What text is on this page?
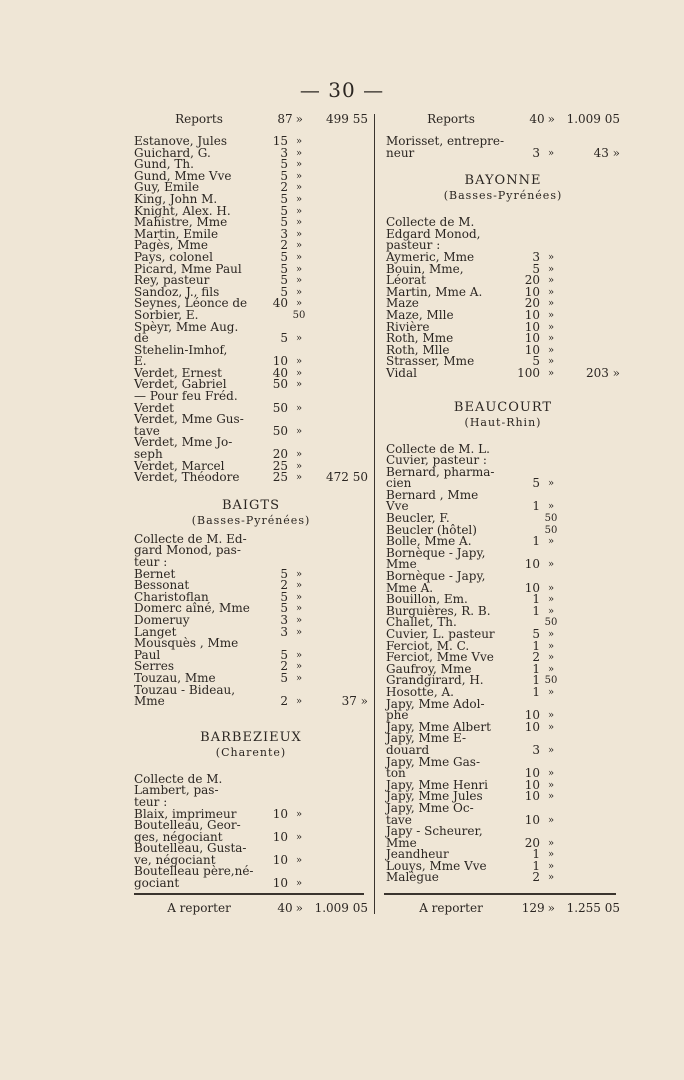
— 30 —
Reports	87 »	499 55
Estanove, Jules	15 »
Guichard, G.	3 »
Gund, Th.	5 »
Gund, Mme Vve	5 »
Guy, Emile	2 »
King, John M.	5 »
Knight, Alex. H.	5 »
Mahistre, Mme	5 »
Martin, Emile	3 »
Pagès, Mme	2 »
Pays, colonel	5 »
Picard, Mme Paul	5 »
Rey, pasteur	5 »
Sandoz, J., fils	5 »
Seynes, Léonce de	40 »
Sorbier, E.	50
Spèyr, Mme Aug.
de	5 »
Stehelin-Imhof,
E.	10 »
Verdet, Ernest	40 »
Verdet, Gabriel	50 »
— Pour feu Fréd.
Verdet	50 »
Verdet, Mme Gus-
tave	50 »
Verdet, Mme Jo-
seph	20 »
Verdet, Marcel	25 »
Verdet, Théodore	25 »	472 50
BAIGTS
(Basses-Pyrénées)
Collecte de M. Ed-
gard Monod, pas-
teur :
Bernet	5 »
Bessonat	2 »
Charistoflan	5 »
Domerc aîné, Mme	5 »
Domeruy	3 »
Langet	3 »
Mousquès , Mme
Paul	5 »
Serres	2 »
Touzau, Mme	5 »
Touzau - Bideau,
Mme	2 »	37 »
BARBEZIEUX
(Charente)
Collecte de M.
Lambert, pas-
teur :
Blaix, imprimeur	10 »
Boutelleau, Geor-
ges, négociant	10 »
Boutelleau, Gusta-
ve, négociant	10 »
Boutelleau père,né-
gociant	10 »
A reporter	40 » 1.009 05
Reports	40 » 1.009 05
Morisset, entrepre-
neur	3 »	43 »
BAYONNE
(Basses-Pyrénées)
Collecte de M.
Edgard Monod,
pasteur :
Aymeric, Mme	3 »
Bouin, Mme,	5 »
Léorat	20 »
Martin, Mme A.	10 »
Maze	20 »
Maze, Mlle	10 »
Rivière	10 »
Roth, Mme	10 »
Roth, Mlle	10 »
Strasser, Mme	5 »
Vidal	100 »	203 »
BEAUCOURT
(Haut-Rhin)
Collecte de M. L.
Cuvier, pasteur :
Bernard, pharma-
cien	5 »
Bernard , Mme
Vve	1 »
Beucler, F.	50
Beucler (hôtel)	50
Bolle, Mme A.	1 »
Bornèque - Japy,
Mme	10 »
Bornèque - Japy,
Mme A.	10 »
Bouillon, Em.	1 »
Burguières, R. B.	1 »
Challet, Th.	50
Cuvier, L. pasteur	5 »
Ferciot, M. C.	1 »
Ferciot, Mme Vve	2 »
Gaufroy, Mme	1 »
Grandgirard, H.	1 50
Hosotte, A.	1 »
Japy, Mme Adol-
phe	10 »
Japy, Mme Albert	10 »
Japy, Mme E-
douard	3 »
Japy, Mme Gas-
ton	10 »
Japy, Mme Henri	10 »
Japy, Mme Jules	10 »
Japy, Mme Oc-
tave	10 »
Japy - Scheurer,
Mme	20 »
Jeandheur	1 »
Louys, Mme Vve	1 »
Malègue	2 »
A reporter	129 » 1.255 05
